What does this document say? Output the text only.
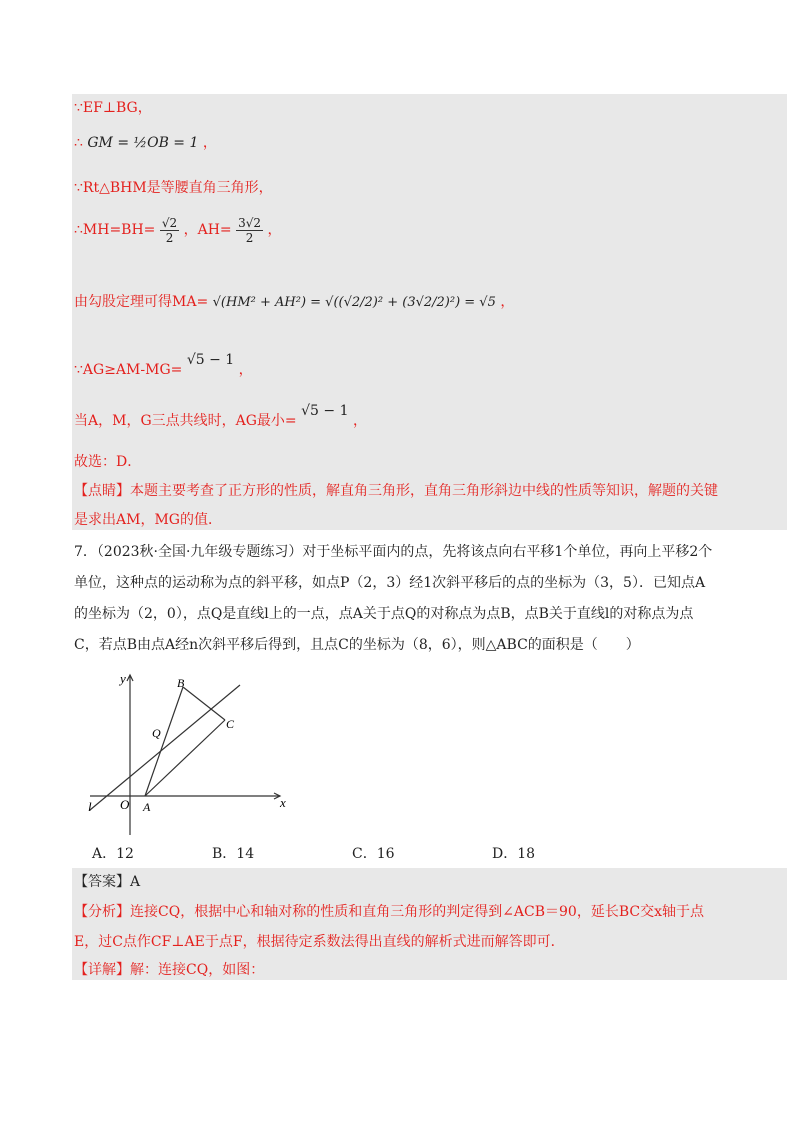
∵EF⊥BG，
∴ GM = ½OB = 1 ，
∵Rt△BHM是等腰直角三角形，
∴MH=BH= $\frac{√2}{2}$ ，$AH= \frac{3√2}{2}$ ，
由勾股定理可得MA= √(HM² + AH²) = √((√2/2)² + (3√2/2)²) = √5 ，
∵AG≥AM-MG= √5 − 1 ，
当A，M，G三点共线时，AG最小= √5 − 1 ，
故选：D．
【点睛】本题主要考查了正方形的性质，解直角三角形，直角三角形斜边中线的性质等知识，解题的关键
是求出AM，MG的值．
7．（2023秋·全国·九年级专题练习）对于坐标平面内的点，先将该点向右平移1个单位，再向上平移2个
单位，这种点的运动称为点的斜平移，如点P（2，3）经1次斜平移后的点的坐标为（3，5）．已知点A
的坐标为（2，0），点Q是直线l上的一点，点A关于点Q的对称点为点B，点B关于直线l的对称点为点
C，若点B由点A经n次斜平移后得到，且点C的坐标为（8，6），则△ABC的面积是（　　）
y
x
O A
B
C
Q
l
A．12	B．14	C．16	D．18
【答案】A
【分析】连接CQ，根据中心和轴对称的性质和直角三角形的判定得到∠ACB＝90，延长BC交x轴于点
E，过C点作CF⊥AE于点F，根据待定系数法得出直线的解析式进而解答即可．
【详解】解：连接CQ，如图：
